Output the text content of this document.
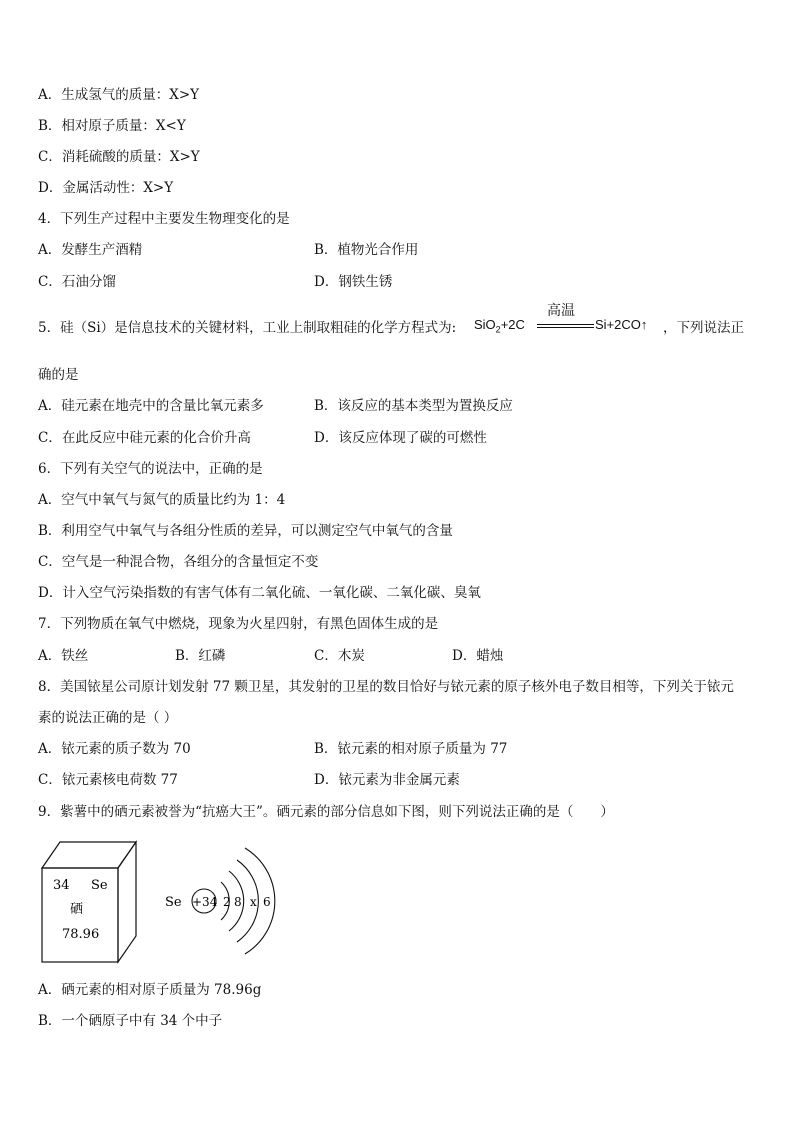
A．生成氢气的质量：X>Y
B．相对原子质量：X<Y
C．消耗硫酸的质量：X>Y
D．金属活动性：X>Y
4．下列生产过程中主要发生物理变化的是
A．发酵生产酒精	B．植物光合作用
C．石油分馏	D．钢铁生锈
5．硅（Si）是信息技术的关键材料，工业上制取粗硅的化学方程式为: SiO$_2$+2C
高温
Si+2CO↑ ，下列说法正
确的是
A．硅元素在地壳中的含量比氧元素多	B．该反应的基本类型为置换反应
C．在此反应中硅元素的化合价升高	D．该反应体现了碳的可燃性
6．下列有关空气的说法中，正确的是
A．空气中氧气与氮气的质量比约为 1：4
B．利用空气中氧气与各组分性质的差异，可以测定空气中氧气的含量
C．空气是一种混合物，各组分的含量恒定不变
D．计入空气污染指数的有害气体有二氧化硫、一氧化碳、二氧化碳、臭氧
7．下列物质在氧气中燃烧，现象为火星四射，有黑色固体生成的是
A．铁丝	B．红磷	C．木炭	D．蜡烛
8．美国铱星公司原计划发射 77 颗卫星，其发射的卫星的数目恰好与铱元素的原子核外电子数目相等，下列关于铱元
素的说法正确的是（ ）
A．铱元素的质子数为 70	B．铱元素的相对原子质量为 77
C．铱元素核电荷数 77	D．铱元素为非金属元素
9．紫薯中的硒元素被誉为“抗癌大王”。硒元素的部分信息如下图，则下列说法正确的是（　　）
34 Se
硒
78.96
Se +34 2 8 x 6
A．硒元素的相对原子质量为 78.96g
B．一个硒原子中有 34 个中子
